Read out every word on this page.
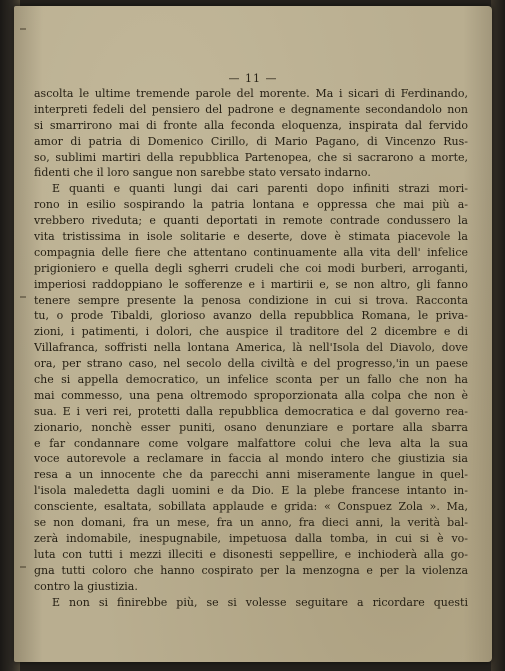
— 11 —
ascolta le ultime tremende parole del morente. Ma i sicari di Ferdinando,
interpreti fedeli del pensiero del padrone e degnamente secondandolo non
si smarrirono mai di fronte alla feconda eloquenza, inspirata dal fervido
amor di patria di Domenico Cirillo, di Mario Pagano, di Vincenzo Rus-
so, sublimi martiri della repubblica Partenopea, che si sacrarono a morte,
fidenti che il loro sangue non sarebbe stato versato indarno.
E quanti e quanti lungi dai cari parenti dopo infiniti strazi mori-
rono in esilio sospirando la patria lontana e oppressa che mai più a-
vrebbero riveduta; e quanti deportati in remote contrade condussero la
vita tristissima in isole solitarie e deserte, dove è stimata piacevole la
compagnia delle fiere che attentano continuamente alla vita dell' infelice
prigioniero e quella degli sgherri crudeli che coi modi burberi, arroganti,
imperiosi raddoppiano le sofferenze e i martirii e, se non altro, gli fanno
tenere sempre presente la penosa condizione in cui si trova. Racconta
tu, o prode Tibaldi, glorioso avanzo della repubblica Romana, le priva-
zioni, i patimenti, i dolori, che auspice il traditore del 2 dicembre e di
Villafranca, soffristi nella lontana America, là nell'Isola del Diavolo, dove
ora, per strano caso, nel secolo della civiltà e del progresso,'in un paese
che si appella democratico, un infelice sconta per un fallo che non ha
mai commesso, una pena oltremodo sproporzionata alla colpa che non è
sua. E i veri rei, protetti dalla repubblica democratica e dal governo rea-
zionario, nonchè esser puniti, osano denunziare e portare alla sbarra
e far condannare come volgare malfattore colui che leva alta la sua
voce autorevole a reclamare in faccia al mondo intero che giustizia sia
resa a un innocente che da parecchi anni miseramente langue in quel-
l'isola maledetta dagli uomini e da Dio. E la plebe francese intanto in-
consciente, esaltata, sobillata applaude e grida: « Conspuez Zola ». Ma,
se non domani, fra un mese, fra un anno, fra dieci anni, la verità bal-
zerà indomabile, inespugnabile, impetuosa dalla tomba, in cui si è vo-
luta con tutti i mezzi illeciti e disonesti seppellire, e inchioderà alla go-
gna tutti coloro che hanno cospirato per la menzogna e per la violenza
contro la giustizia.
E non si finirebbe più, se si volesse seguitare a ricordare questi
